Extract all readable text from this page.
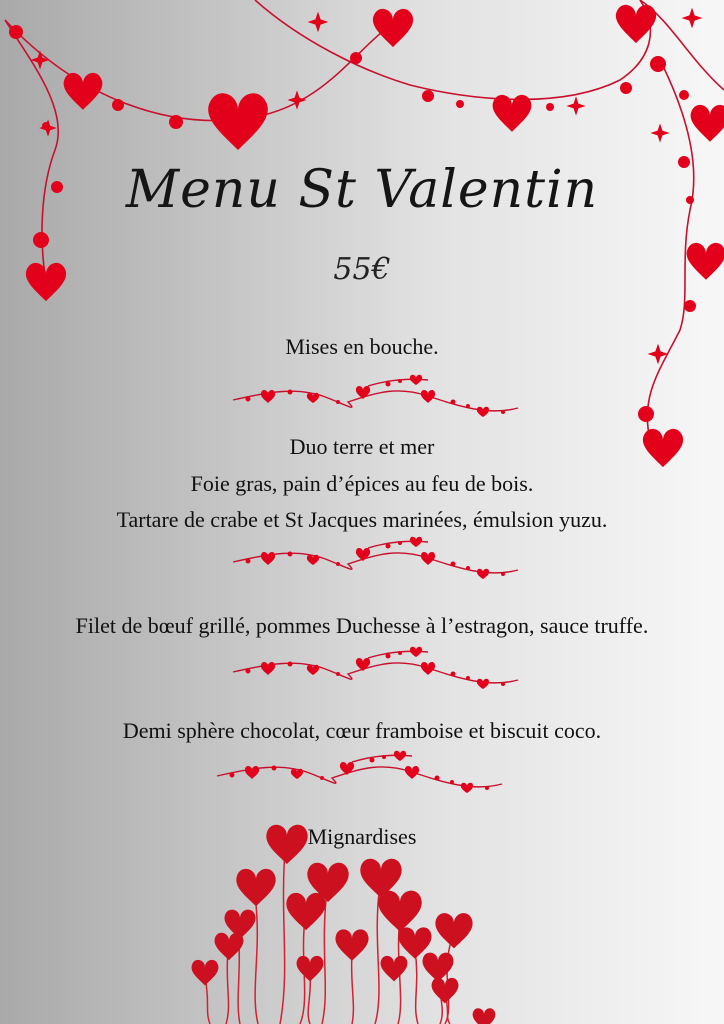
Menu St Valentin
55€
Mises en bouche.
Duo terre et mer
Foie gras, pain d’épices au feu de bois.
Tartare de crabe et St Jacques marinées, émulsion yuzu.
Filet de bœuf grillé, pommes Duchesse à l’estragon, sauce truffe.
Demi sphère chocolat, cœur framboise et biscuit coco.
Mignardises
